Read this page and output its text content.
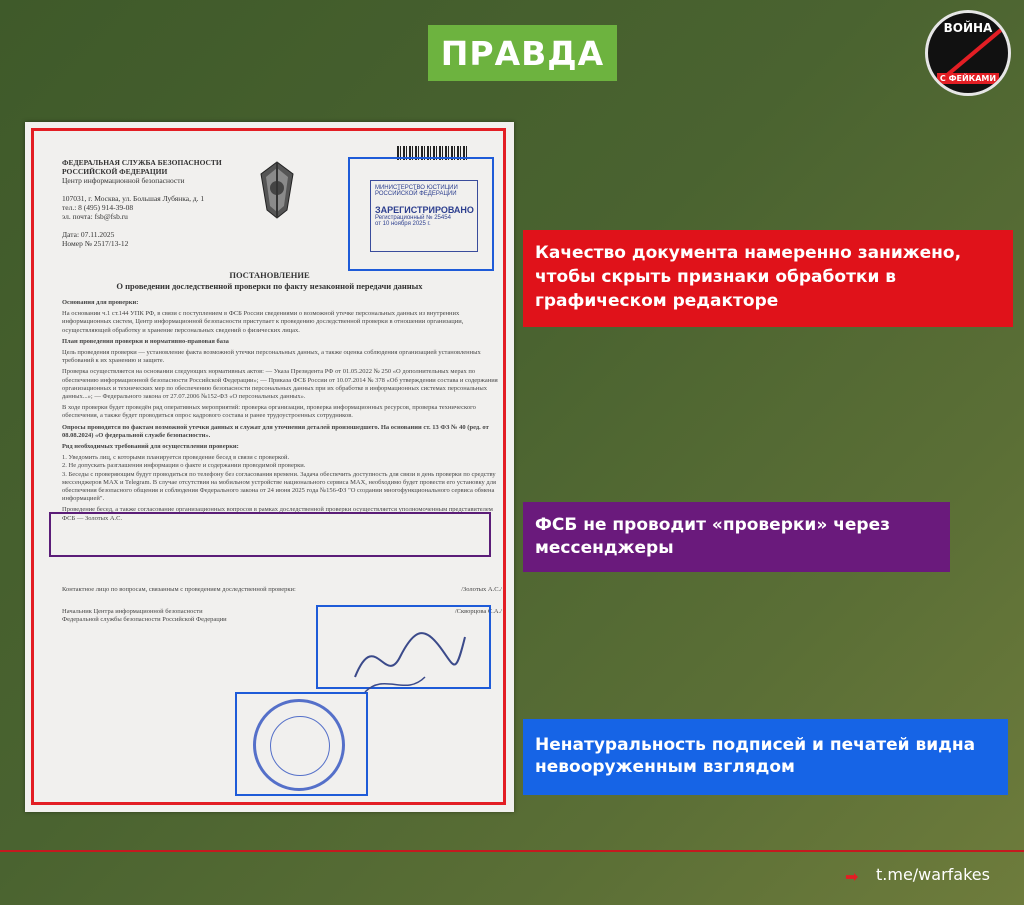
ПРАВДА
ВОЙНА
С ФЕЙКАМИ
ФЕДЕРАЛЬНАЯ СЛУЖБА БЕЗОПАСНОСТИ
РОССИЙСКОЙ ФЕДЕРАЦИИ
Центр информационной безопасности
107031, г. Москва, ул. Большая Лубянка, д. 1
тел.: 8 (495) 914-39-08
эл. почта: fsb@fsb.ru
Дата: 07.11.2025
Номер № 2517/13-12
МИНИСТЕРСТВО ЮСТИЦИИ РОССИЙСКОЙ ФЕДЕРАЦИИ
ЗАРЕГИСТРИРОВАНО
Регистрационный № 25454
от 10 ноября 2025 г.
ПОСТАНОВЛЕНИЕ
О проведении доследственной проверки по факту незаконной передачи данных

Основания для проверки:

На основании ч.1 ст.144 УПК РФ, в связи с поступлением в ФСБ России сведениями о возможной утечке персональных данных из внутренних информационных систем, Центр информационной безопасности приступает к проведению доследственной проверки в отношении организации, осуществляющей обработку и хранение персональных сведений о физических лицах.

План проведения проверки и нормативно-правовая база

Цель проведения проверки — установление факта возможной утечки персональных данных, а также оценка соблюдения организацией установленных требований к их хранению и защите.

Проверка осуществляется на основании следующих нормативных актов: — Указа Президента РФ от 01.05.2022 № 250 «О дополнительных мерах по обеспечению информационной безопасности Российской Федерации»; — Приказа ФСБ России от 10.07.2014 № 378 «Об утверждении состава и содержания организационных и технических мер по обеспечению безопасности персональных данных при их обработке в информационных системах персональных данных...»; — Федерального закона от 27.07.2006 №152-ФЗ «О персональных данных».

В ходе проверки будет проведён ряд оперативных мероприятий: проверка организации, проверка информационных ресурсов, проверка технического обеспечения, а также будет проводиться опрос кадрового состава и ранее трудоустроенных сотрудников.

Опросы проводятся по фактам возможной утечки данных и служат для уточнения деталей произошедшего. На основании ст. 13 ФЗ № 40 (ред. от 08.08.2024) «О федеральной службе безопасности».

Ряд необходимых требований для осуществления проверки:

1. Уведомить лиц, с которыми планируется проведение бесед в связи с проверкой.
2. Не допускать разглашения информации о факте и содержании проводимой проверки.

3. Беседы с проверяющим будут проводиться по телефону без согласования времени. Задача обеспечить доступность для связи в день проверки по средству мессенджеров MAX и Telegram. В случае отсутствия на мобильном устройстве национального сервиса MAX, необходимо будет провести его установку для обеспечения безопасного общения и соблюдения Федерального закона от 24 июня 2025 года №156-ФЗ "О создании многофункционального сервиса обмена информацией".

Проведение бесед, а также согласование организационных вопросов в рамках доследственной проверки осуществляется уполномоченным представителем ФСБ — Золотых А.С.

Контактное лицо по вопросам, связанным с проведением доследственной проверки:	/Золотых А.С./
Начальник Центра информационной безопасности
Федеральной службы безопасности Российской Федерации
/Скворцова С.А./
Качество документа намеренно занижено, чтобы скрыть признаки обработки в графическом редакторе
ФСБ не проводит «проверки» через мессенджеры
Ненатуральность подписей и печатей видна невооруженным взглядом
➡ t.me/warfakes
